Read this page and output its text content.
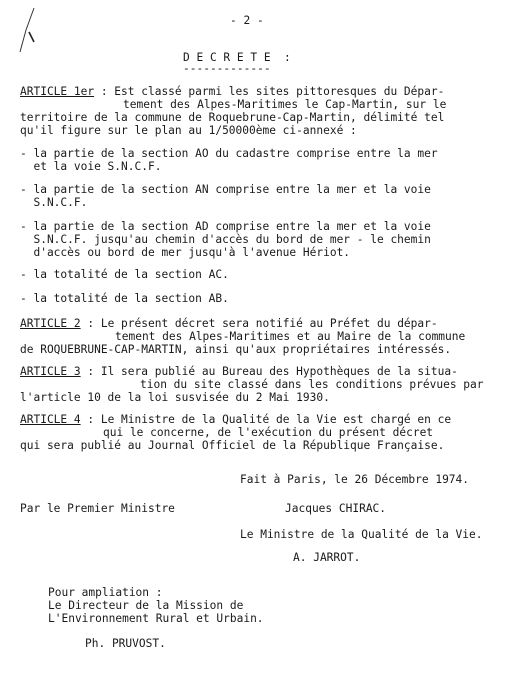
- 2 -
D E C R E T E  :
-------------
ARTICLE 1er : Est classé parmi les sites pittoresques du Dépar-
tement des Alpes-Maritimes le Cap-Martin, sur le
territoire de la commune de Roquebrune-Cap-Martin, délimité tel
qu'il figure sur le plan au 1/50000ème ci-annexé :
- la partie de la section AO du cadastre comprise entre la mer
et la voie S.N.C.F.
- la partie de la section AN comprise entre la mer et la voie
S.N.C.F.
- la partie de la section AD comprise entre la mer et la voie
S.N.C.F. jusqu'au chemin d'accès du bord de mer - le chemin
d'accès ou bord de mer jusqu'à l'avenue Hériot.
- la totalité de la section AC.
- la totalité de la section AB.
ARTICLE 2 : Le présent décret sera notifié au Préfet du dépar-
tement des Alpes-Maritimes et au Maire de la commune
de ROQUEBRUNE-CAP-MARTIN, ainsi qu'aux propriétaires intéressés.
ARTICLE 3 : Il sera publié au Bureau des Hypothèques de la situa-
tion du site classé dans les conditions prévues par
l'article 10 de la loi susvisée du 2 Mai 1930.
ARTICLE 4 : Le Ministre de la Qualité de la Vie est chargé en ce
qui le concerne, de l'exécution du présent décret
qui sera publié au Journal Officiel de la République Française.
Fait à Paris, le 26 Décembre 1974.
Par le Premier Ministre	Jacques CHIRAC.
Le Ministre de la Qualité de la Vie.
A. JARROT.
Pour ampliation :
Le Directeur de la Mission de
L'Environnement Rural et Urbain.
Ph. PRUVOST.
